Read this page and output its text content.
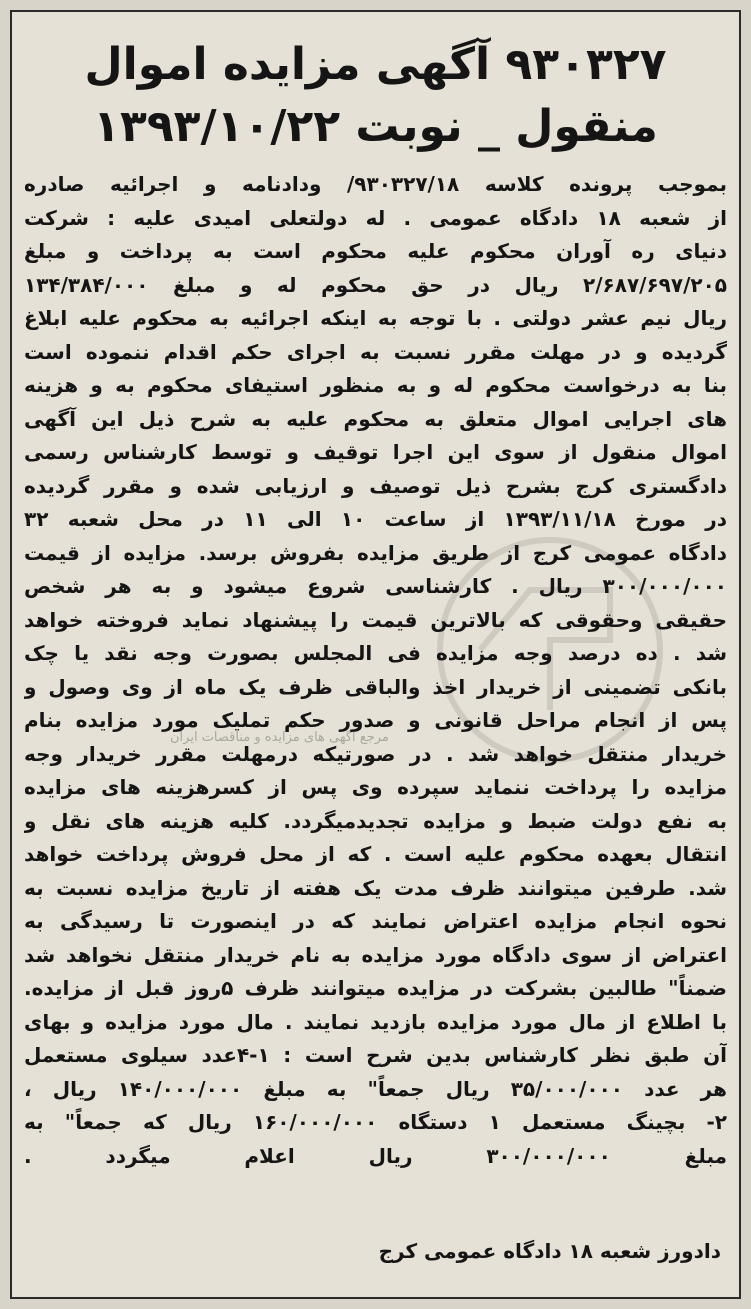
۹۳۰۳۲۷ آگهی مزایده اموال
منقول _ نوبت ۱۳۹۳/۱۰/۲۲
مرجع آگهی های مزایده و مناقصات ایران
بموجب پرونده کلاسه ۹۳۰۳۲۷/۱۸/ ودادنامه و اجرائیه صادره
از شعبه ۱۸ دادگاه عمومی . له دولتعلی امیدی علیه : شرکت
دنیای ره آوران محکوم علیه محکوم است به پرداخت و مبلغ
۲/۶۸۷/۶۹۷/۲۰۵ ریال در حق محکوم له و مبلغ ۱۳۴/۳۸۴/۰۰۰
ریال نیم عشر دولتی . با توجه به اینکه اجرائیه به محکوم علیه ابلاغ
گردیده و در مهلت مقرر نسبت به اجرای حکم اقدام ننموده است
بنا به درخواست محکوم له و به منظور استیفای محکوم به و هزینه
های اجرایی اموال متعلق به محکوم علیه به شرح ذیل این آگهی
اموال منقول از سوی این اجرا توقیف و توسط کارشناس رسمی
دادگستری کرج بشرح ذیل توصیف و ارزیابی شده و مقرر گردیده
در مورخ ۱۳۹۳/۱۱/۱۸ از ساعت ۱۰ الی ۱۱ در محل شعبه ۳۲
دادگاه عمومی کرج از طریق مزایده بفروش برسد. مزایده از قیمت
۳۰۰/۰۰۰/۰۰۰ ریال . کارشناسی شروع میشود و به هر شخص
حقیقی وحقوقی که بالاترین قیمت را پیشنهاد نماید فروخته خواهد
شد . ده درصد وجه مزایده فی المجلس بصورت وجه نقد یا چک
بانکی تضمینی از خریدار اخذ والباقی ظرف یک ماه از وی وصول و
پس از انجام مراحل قانونی و صدور حکم تملیک مورد مزایده بنام
خریدار منتقل خواهد شد . در صورتیکه درمهلت مقرر خریدار وجه
مزایده را پرداخت ننماید سپرده وی پس از کسرهزینه های مزایده
به نفع دولت ضبط و مزایده تجدیدمیگردد. کلیه هزینه های نقل و
انتقال بعهده محکوم علیه است . که از محل فروش پرداخت خواهد
شد. طرفین میتوانند ظرف مدت یک هفته از تاریخ مزایده نسبت به
نحوه انجام مزایده اعتراض نمایند که در اینصورت تا رسیدگی به
اعتراض از سوی دادگاه مورد مزایده به نام خریدار منتقل نخواهد شد
ضمناً" طالبین بشرکت در مزایده میتوانند ظرف ۵روز قبل از مزایده.
با اطلاع از مال مورد مزایده بازدید نمایند . مال مورد مزایده و بهای
آن طبق نظر کارشناس بدین شرح است : ۱-۴عدد سیلوی مستعمل
هر عدد ۳۵/۰۰۰/۰۰۰ ریال جمعاً" به مبلغ ۱۴۰/۰۰۰/۰۰۰ ریال ،
۲- بچینگ مستعمل ۱ دستگاه ۱۶۰/۰۰۰/۰۰۰ ریال که جمعاً" به
مبلغ ۳۰۰/۰۰۰/۰۰۰ ریال اعلام میگردد .
دادورز شعبه ۱۸ دادگاه عمومی کرج
